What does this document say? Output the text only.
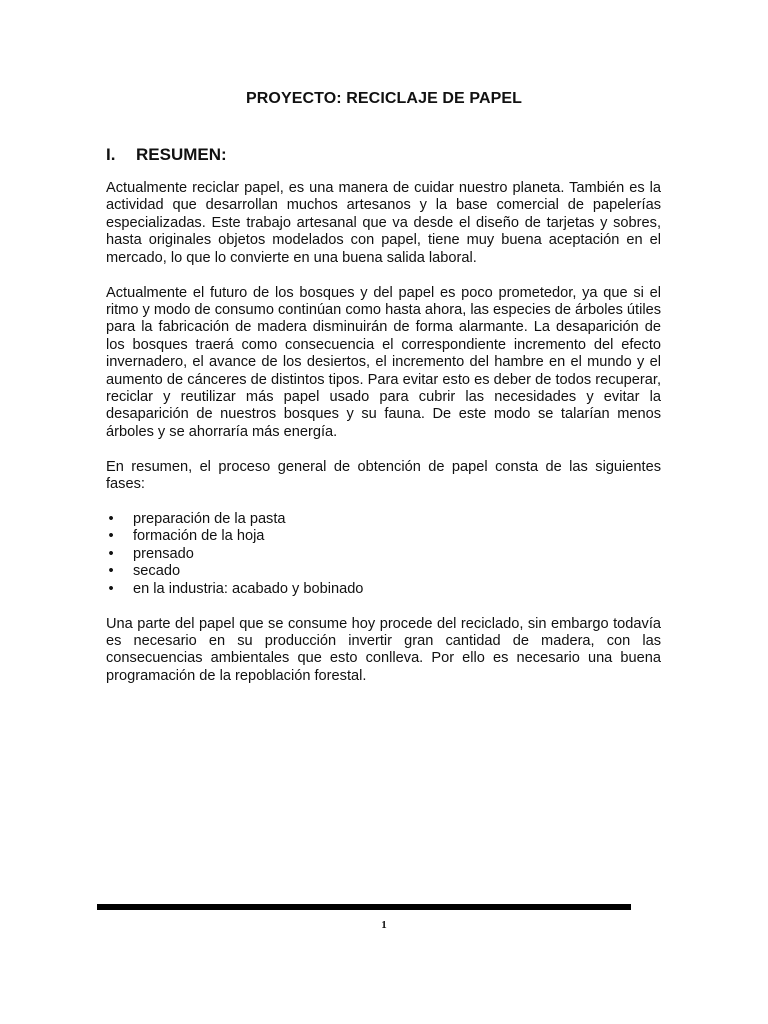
PROYECTO: RECICLAJE DE PAPEL
I.	RESUMEN:

Actualmente reciclar papel, es una manera de cuidar nuestro planeta. También es la actividad que desarrollan muchos artesanos y la base comercial de papelerías especializadas. Este trabajo artesanal que va desde el diseño de tarjetas y sobres, hasta originales objetos modelados con papel, tiene muy buena aceptación en el mercado, lo que lo convierte en una buena salida laboral.

Actualmente el futuro de los bosques y del papel es poco prometedor, ya que si el ritmo y modo de consumo continúan como hasta ahora, las especies de árboles útiles para la fabricación de madera disminuirán de forma alarmante. La desaparición de los bosques traerá como consecuencia el correspondiente incremento del efecto invernadero, el avance de los desiertos, el incremento del hambre en el mundo y el aumento de cánceres de distintos tipos. Para evitar esto es deber de todos recuperar, reciclar y reutilizar más papel usado para cubrir las necesidades y evitar la desaparición de nuestros bosques y su fauna. De este modo se talarían menos árboles y se ahorraría más energía.

En resumen, el proceso general de obtención de papel consta de las siguientes fases:

• preparación de la pasta
• formación de la hoja
• prensado
• secado
• en la industria: acabado y bobinado

Una parte del papel que se consume hoy procede del reciclado, sin embargo todavía es necesario en su producción invertir gran cantidad de madera, con las consecuencias ambientales que esto conlleva. Por ello es necesario una buena programación de la repoblación forestal.

1
